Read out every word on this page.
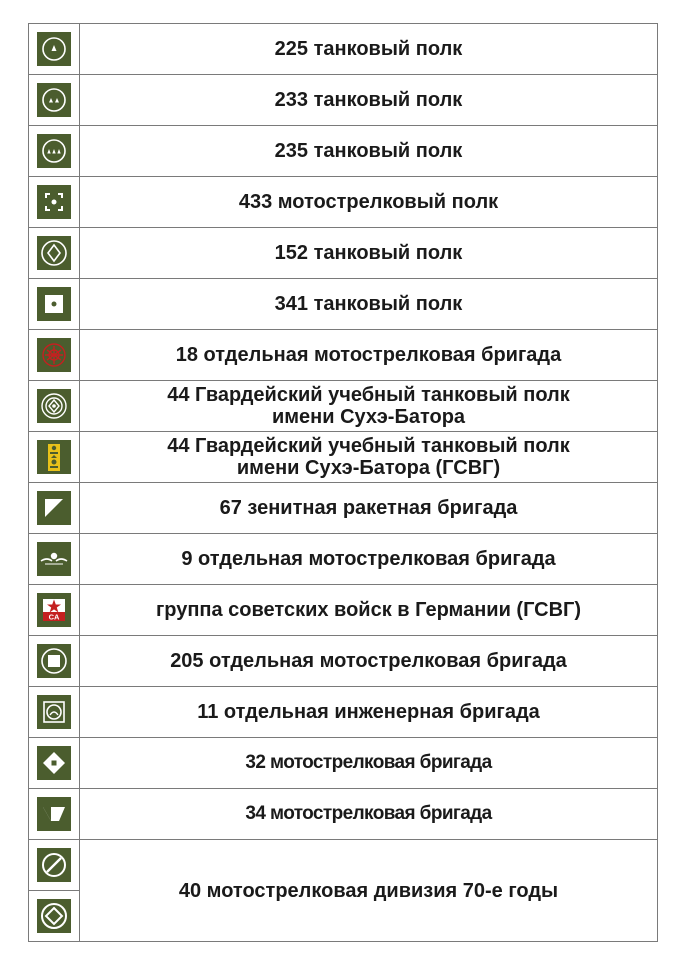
225 танковый полк

233 танковый полк

235 танковый полк

433 мотострелковый полк

152 танковый полк

341 танковый полк

18 отдельная мотострелковая бригада

44 Гвардейский учебный танковый полк
имени Сухэ-Батора

44 Гвардейский учебный танковый полк
имени Сухэ-Батора (ГСВГ)

67 зенитная ракетная бригада

9 отдельная мотострелковая бригада

CA	группа советских войск в Германии (ГСВГ)

205 отдельная мотострелковая бригада

11 отдельная инженерная бригада

32 мотострелковая бригада

34 мотострелковая бригада

40 мотострелковая дивизия 70-е годы
